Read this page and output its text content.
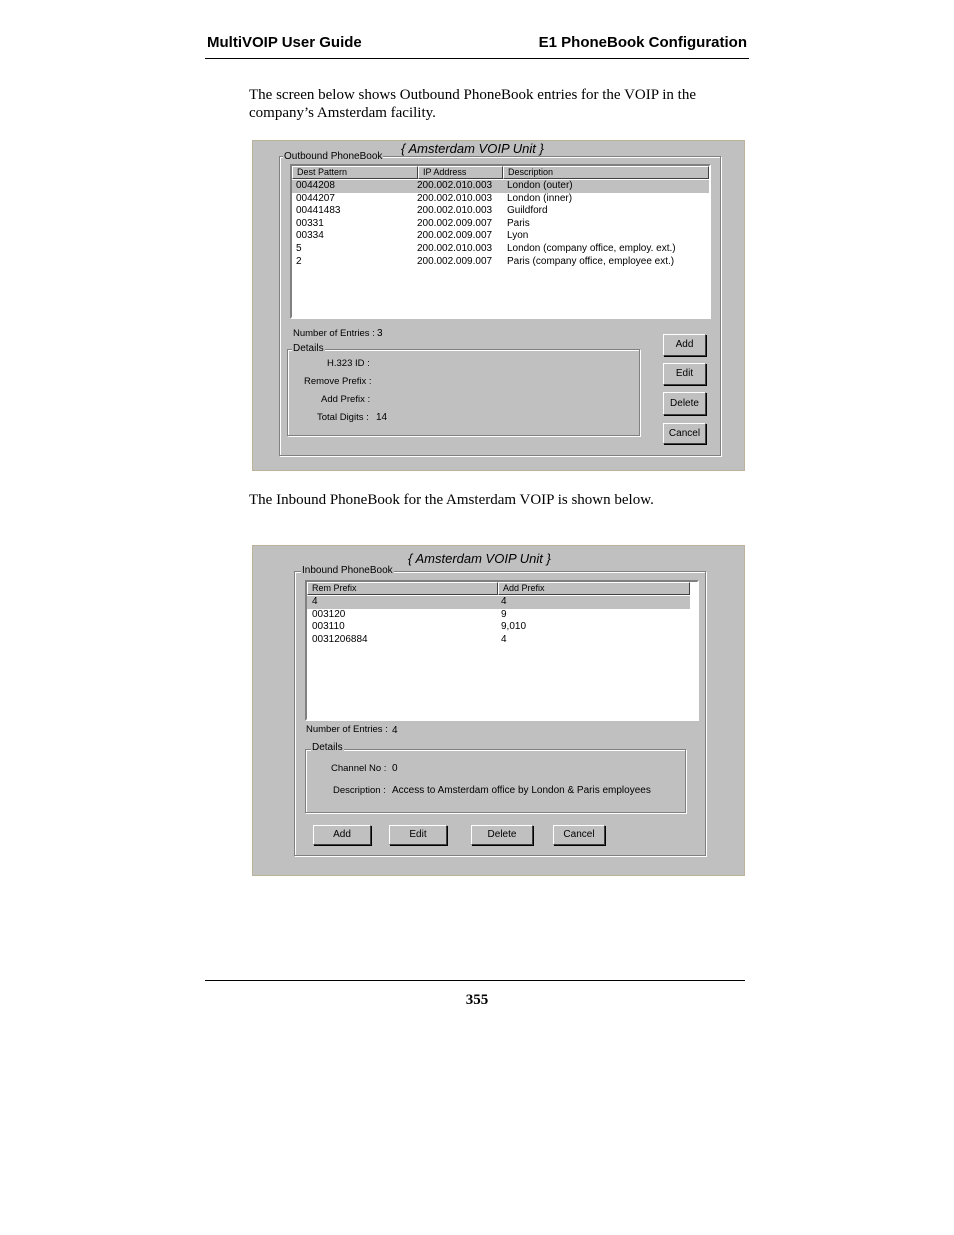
MultiVOIP User Guide	E1 PhoneBook Configuration
The screen below shows Outbound PhoneBook entries for the VOIP in the company’s Amsterdam facility.
{ Amsterdam VOIP Unit }
Outbound PhoneBook
Dest Pattern	IP Address	Description
0044208	200.002.010.003 London (outer)
0044207	200.002.010.003 London (inner)
00441483	200.002.010.003 Guildford
00331	200.002.009.007 Paris
00334	200.002.009.007 Lyon
5	200.002.010.003 London (company office, employ. ext.)
2	200.002.009.007 Paris (company office, employee ext.)
Number of Entries : 3
Details
H.323 ID :
Remove Prefix :
Add Prefix :
Total Digits : 14
Add
Edit
Delete
Cancel
The Inbound PhoneBook for the Amsterdam VOIP is shown below.
{ Amsterdam VOIP Unit }
Inbound PhoneBook
Rem Prefix	Add Prefix
4	4
003120	9
003110	9,010
0031206884	4
Number of Entries : 4
Details
Channel No : 0
Description : Access to Amsterdam office by London & Paris employees
Add	Edit	Delete	Cancel
355
